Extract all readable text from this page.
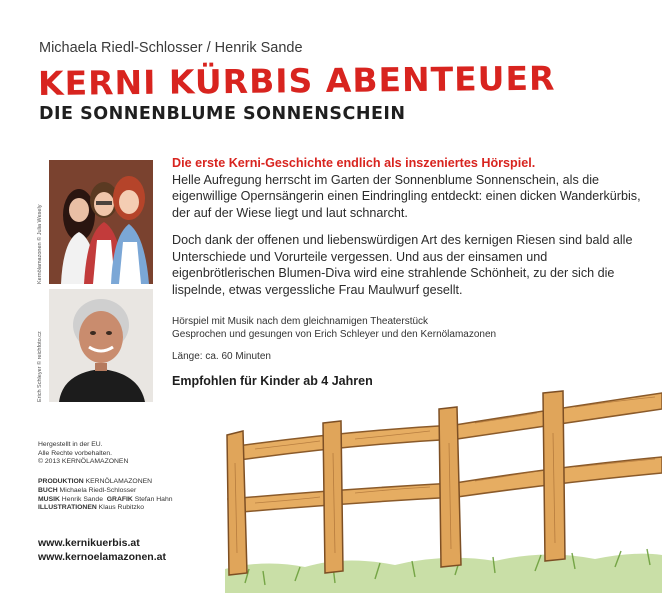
Michaela Riedl-Schlosser / Henrik Sande
KERNI KÜRBIS ABENTEUER
DIE SONNENBLUME SONNENSCHEIN
Kernölamazonen © Julia Wesely
Erich Schleyer © reichfoto.cz
Die erste Kerni-Geschichte endlich als inszeniertes Hörspiel.
Helle Aufregung herrscht im Garten der Sonnenblume Sonnenschein, als die eigenwillige Opernsängerin einen Eindringling entdeckt: einen dicken Wanderkürbis, der auf der Wiese liegt und laut schnarcht.
Doch dank der offenen und liebenswürdigen Art des kernigen Riesen sind bald alle Unterschiede und Vorurteile vergessen. Und aus der einsamen und eigenbrötlerischen Blumen-Diva wird eine strahlende Schönheit, zu der sich die lispelnde, etwas vergessliche Frau Maulwurf gesellt.
Hörspiel mit Musik nach dem gleichnamigen Theaterstück
Gesprochen und gesungen von Erich Schleyer und den Kernölamazonen
Länge: ca. 60 Minuten
Empfohlen für Kinder ab 4 Jahren
Hergestellt in der EU.
Alle Rechte vorbehalten.
© 2013 KERNÖLAMAZONEN
PRODUKTION KERNÖLAMAZONEN
BUCH Michaela Riedl-Schlosser
MUSIK Henrik Sande GRAFIK Stefan Hahn
ILLUSTRATIONEN Klaus Rubitzko
www.kernikuerbis.at
www.kernoelamazonen.at
